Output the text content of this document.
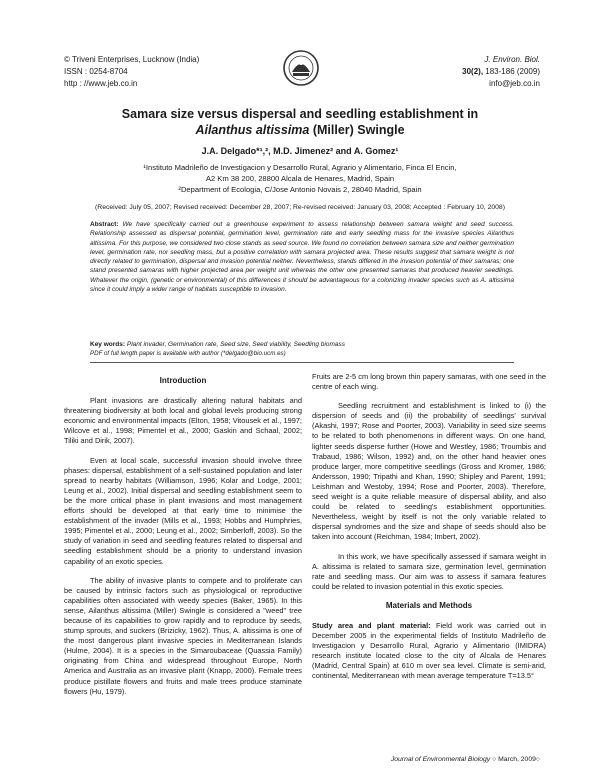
© Triveni Enterprises, Lucknow (India)
ISSN : 0254-8704
http : //www.jeb.co.in
J. Environ. Biol.
30(2), 183-186 (2009)
info@jeb.co.in
Samara size versus dispersal and seedling establishment in
Ailanthus altissima (Miller) Swingle
J.A. Delgado*¹,², M.D. Jimenez² and A. Gomez¹
¹Instituto Madrileño de Investigacion y Desarrollo Rural, Agrario y Alimentario, Finca El Encin,
A2 Km 38 200, 28800 Alcala de Henares, Madrid, Spain
²Department of Ecologia, C/Jose Antonio Novais 2, 28040 Madrid, Spain
(Received: July 05, 2007; Revised received: December 28, 2007; Re-revised received: January 03, 2008; Accepted : February 10, 2008)
Abstract: We have specifically carried out a greenhouse experiment to assess relationship between samara weight and seed success. Relationship assessed as dispersal potential, germination level, germination rate and early seedling mass for the invasive species Ailanthus altissima. For this purpose, we considered two close stands as seed source. We found no correlation between samara size and neither germination level, germination rate, nor seedling mass, but a positive correlation with samara projected area. These results suggest that samara weight is not directly related to germination, dispersal and invasion potential neither. Nevertheless, stands differed in the invasion potential of their samaras; one stand presented samaras with higher projected area per weight unit whereas the other one presented samaras that produced heavier seedlings. Whatever the origin, (genetic or environmental) of this differences it should be advantageous for a colonizing invader species such as A. altissima since it could imply a wider range of habitats susceptible to invasion.
Key words: Plant invader, Germination rate, Seed size, Seed viability, Seedling biomass
PDF of full length paper is available with author (*delgado@bio.ucm.es)
Introduction

Plant invasions are drastically altering natural habitats and threatening biodiversity at both local and global levels producing strong economic and environmental impacts (Elton, 1958; Vitousek et al., 1997; Wilcove et al., 1998; Pimentel et al., 2000; Gaskin and Schaal, 2002; Tiliki and Dirik, 2007).

Even at local scale, successful invasion should involve three phases: dispersal, establishment of a self-sustained population and later spread to nearby habitats (Williamson, 1996; Kolar and Lodge, 2001; Leung et al., 2002). Initial dispersal and seedling establishment seem to be the more critical phase in plant invasions and most management efforts should be developed at that early time to minimise the establishment of the invader (Mills et al., 1993; Hobbs and Humphries, 1995; Pimentel et al., 2000; Leung et al., 2002; Simberloff, 2003). So the study of variation in seed and seedling features related to dispersal and seedling establishment should be a priority to understand invasion capability of an exotic species.

The ability of invasive plants to compete and to proliferate can be caused by intrinsic factors such as physiological or reproductive capabilities often associated with weedy species (Baker, 1965). In this sense, Ailanthus altissima (Miller) Swingle is considered a "weed" tree because of its capabilities to grow rapidly and to reproduce by seeds, stump sprouts, and suckers (Brizicky, 1962). Thus, A. altissima is one of the most dangerous plant invasive species in Mediterranean Islands (Hulme, 2004). It is a species in the Simaroubaceae (Quassia Family) originating from China and widespread throughout Europe, North America and Australia as an invasive plant (Knapp, 2000). Female trees produce pistillate flowers and fruits and male trees produce staminate flowers (Hu, 1979).

Fruits are 2-5 cm long brown thin papery samaras, with one seed in the centre of each wing.

Seedling recruitment and establishment is linked to (i) the dispersion of seeds and (ii) the probability of seedlings' survival (Akashi, 1997; Rose and Poorter, 2003). Variability in seed size seems to be related to both phenomenons in different ways. On one hand, lighter seeds disperse further (Howe and Westley, 1986; Troumbis and Trabaud, 1986; Wilson, 1992) and, on the other hand heavier ones produce larger, more competitive seedlings (Gross and Kromer, 1986; Andersson, 1990; Tripathi and Khan, 1990; Shipley and Parent, 1991; Leishman and Westoby, 1994; Rose and Poorter, 2003). Therefore, seed weight is a quite reliable measure of dispersal ability, and also could be related to seedling's establishment opportunities. Nevertheless, weight by itself is not the only variable related to dispersal syndromes and the size and shape of seeds should also be taken into account (Reichman, 1984; Imbert, 2002).

In this work, we have specifically assessed if samara weight in A. altissima is related to samara size, germination level, germination rate and seedling mass. Our aim was to assess if samara features could be related to invasion potential in this exotic species.

Materials and Methods

Study area and plant material: Field work was carried out in December 2005 in the experimental fields of Instituto Madrileño de Investigacion y Desarrollo Rural, Agrario y Alimentario (IMIDRA) research institute located close to the city of Alcala de Henares (Madrid, Central Spain) at 610 m over sea level. Climate is semi-arid, continental, Mediterranean with mean average temperature T=13.5°

Journal of Environmental Biology ○ March, 2009○
